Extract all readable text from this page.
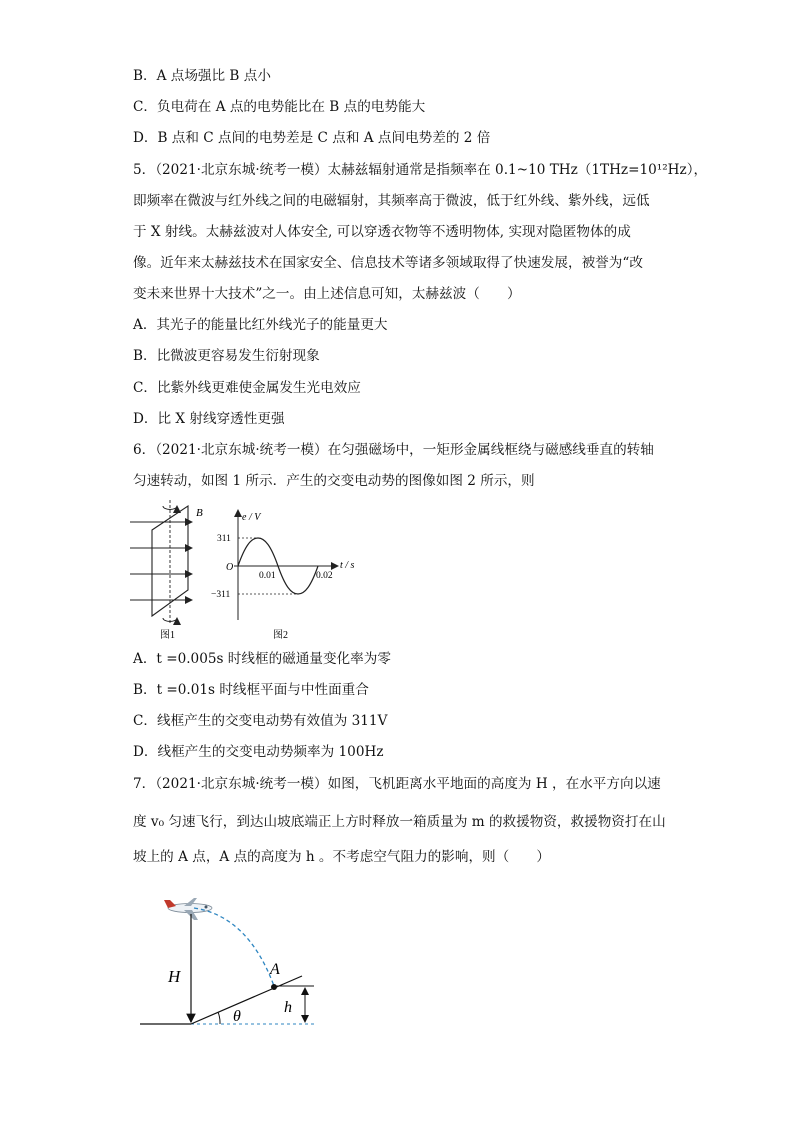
B．A 点场强比 B 点小
C．负电荷在 A 点的电势能比在 B 点的电势能大
D．B 点和 C 点间的电势差是 C 点和 A 点间电势差的 2 倍
5．（2021·北京东城·统考一模）太赫兹辐射通常是指频率在 0.1~10 THz（1THz=10¹²Hz），
即频率在微波与红外线之间的电磁辐射，其频率高于微波，低于红外线、紫外线，远低
于 X 射线。太赫兹波对人体安全, 可以穿透衣物等不透明物体, 实现对隐匿物体的成
像。近年来太赫兹技术在国家安全、信息技术等诸多领域取得了快速发展，被誉为“改
变未来世界十大技术”之一。由上述信息可知，太赫兹波（　　）
A．其光子的能量比红外线光子的能量更大
B．比微波更容易发生衍射现象
C．比紫外线更难使金属发生光电效应
D．比 X 射线穿透性更强
6．（2021·北京东城·统考一模）在匀强磁场中，一矩形金属线框绕与磁感线垂直的转轴
匀速转动，如图 1 所示．产生的交变电动势的图像如图 2 所示，则
B
图1
e / V
t / s
O
311
−311
0.01	0.02
图2
A．t =0.005s 时线框的磁通量变化率为零
B．t =0.01s 时线框平面与中性面重合
C．线框产生的交变电动势有效值为 311V
D．线框产生的交变电动势频率为 100Hz
7．（2021·北京东城·统考一模）如图，飞机距离水平地面的高度为 H ，在水平方向以速
度 v₀ 匀速飞行，到达山坡底端正上方时释放一箱质量为 m 的救援物资，救援物资打在山
坡上的 A 点，A 点的高度为 h 。不考虑空气阻力的影响，则（　　）
H	A
h
θ
